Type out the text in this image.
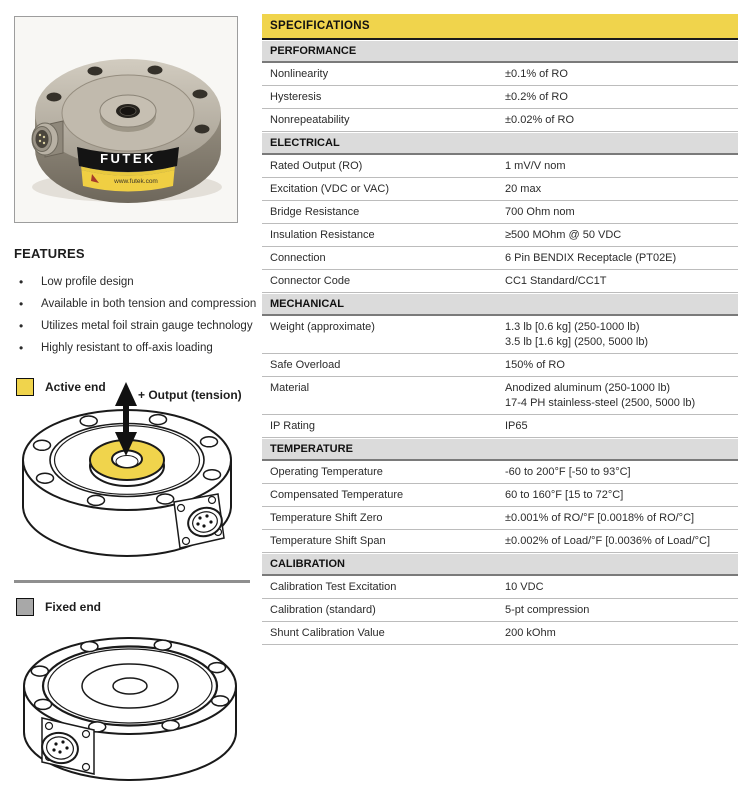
FUTEK
www.futek.com
FEATURES
•	Low profile design
•	Available in both tension and compression
•	Utilizes metal foil strain gauge technology
•	Highly resistant to off-axis loading
Active end
+ Output (tension)
Fixed end
SPECIFICATIONS
PERFORMANCE
Nonlinearity	±0.1% of RO
Hysteresis	±0.2% of RO
Nonrepeatability	±0.02% of RO
ELECTRICAL
Rated Output (RO)	1 mV/V nom
Excitation (VDC or VAC)	20 max
Bridge Resistance	700 Ohm nom
Insulation Resistance	≥500 MOhm @ 50 VDC
Connection	6 Pin BENDIX Receptacle (PT02E)
Connector Code	CC1 Standard/CC1T
MECHANICAL
Weight (approximate)	1.3 lb [0.6 kg] (250-1000 lb)
3.5 lb [1.6 kg] (2500, 5000 lb)
Safe Overload	150% of RO
Material	Anodized aluminum (250-1000 lb)
17-4 PH stainless-steel (2500, 5000 lb)
IP Rating	IP65
TEMPERATURE
Operating Temperature	-60 to 200°F [-50 to 93°C]
Compensated Temperature	60 to 160°F [15 to 72°C]
Temperature Shift Zero	±0.001% of RO/°F [0.0018% of RO/°C]
Temperature Shift Span	±0.002% of Load/°F [0.0036% of Load/°C]
CALIBRATION
Calibration Test Excitation	10 VDC
Calibration (standard)	5-pt compression
Shunt Calibration Value	200 kOhm
